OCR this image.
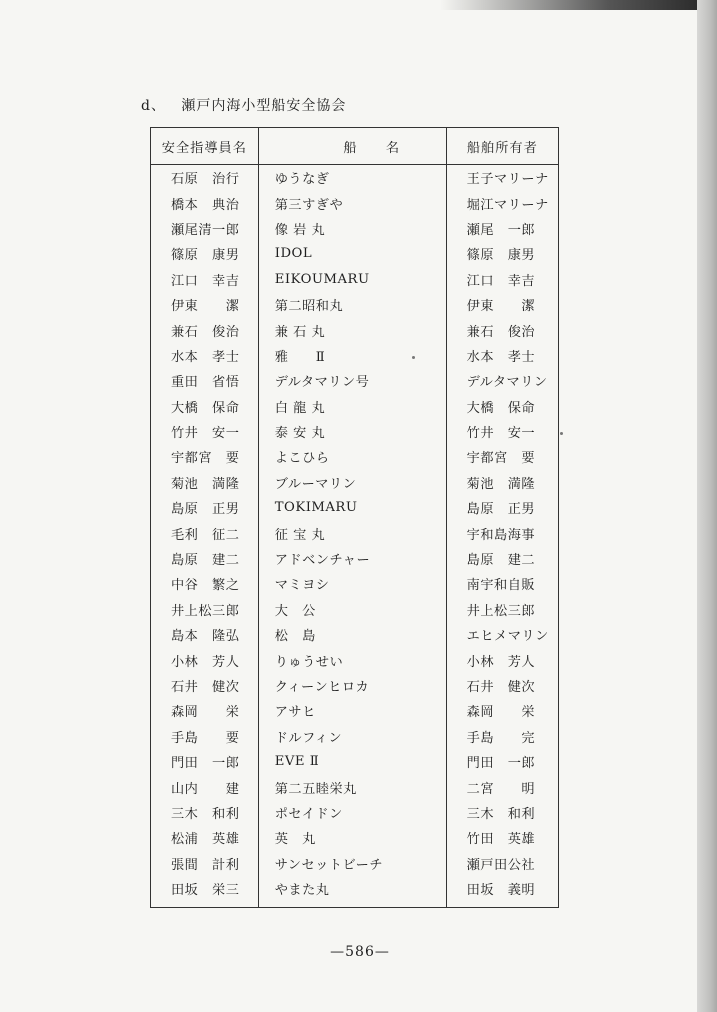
d、 瀬戸内海小型船安全協会
安全指導員名	船　　名	船舶所有者
石原　治行	ゆうなぎ	王子マリーナ
橋本　典治	第三すぎや	堀江マリーナ
瀬尾清一郎	像 岩 丸	瀬尾　一郎
篠原　康男	IDOL	篠原　康男
江口　幸吉	EIKOUMARU	江口　幸吉
伊東　　潔	第二昭和丸	伊東　　潔
兼石　俊治	兼 石 丸	兼石　俊治
水本　孝士	雅　　Ⅱ	水本　孝士
重田　省悟	デルタマリン号	デルタマリン
大橋　保命	白 龍 丸	大橋　保命
竹井　安一	泰 安 丸	竹井　安一
宇都宮　要	よこひら	宇都宮　要
菊池　満隆	ブルーマリン	菊池　満隆
島原　正男	TOKIMARU	島原　正男
毛利　征二	征 宝 丸	宇和島海事
島原　建二	アドベンチャー	島原　建二
中谷　繁之	マミヨシ	南宇和自販
井上松三郎	大　公	井上松三郎
島本　隆弘	松　島	エヒメマリン
小林　芳人	りゅうせい	小林　芳人
石井　健次	クィーンヒロカ	石井　健次
森岡　　栄	アサヒ	森岡　　栄
手島　　要	ドルフィン	手島　　完
門田　一郎	EVE Ⅱ	門田　一郎
山内　　建	第二五睦栄丸	二宮　　明
三木　和利	ポセイドン	三木　和利
松浦　英雄	英　丸	竹田　英雄
張間　計利	サンセットビーチ	瀬戸田公社
田坂　栄三	やまた丸	田坂　義明
—586—
